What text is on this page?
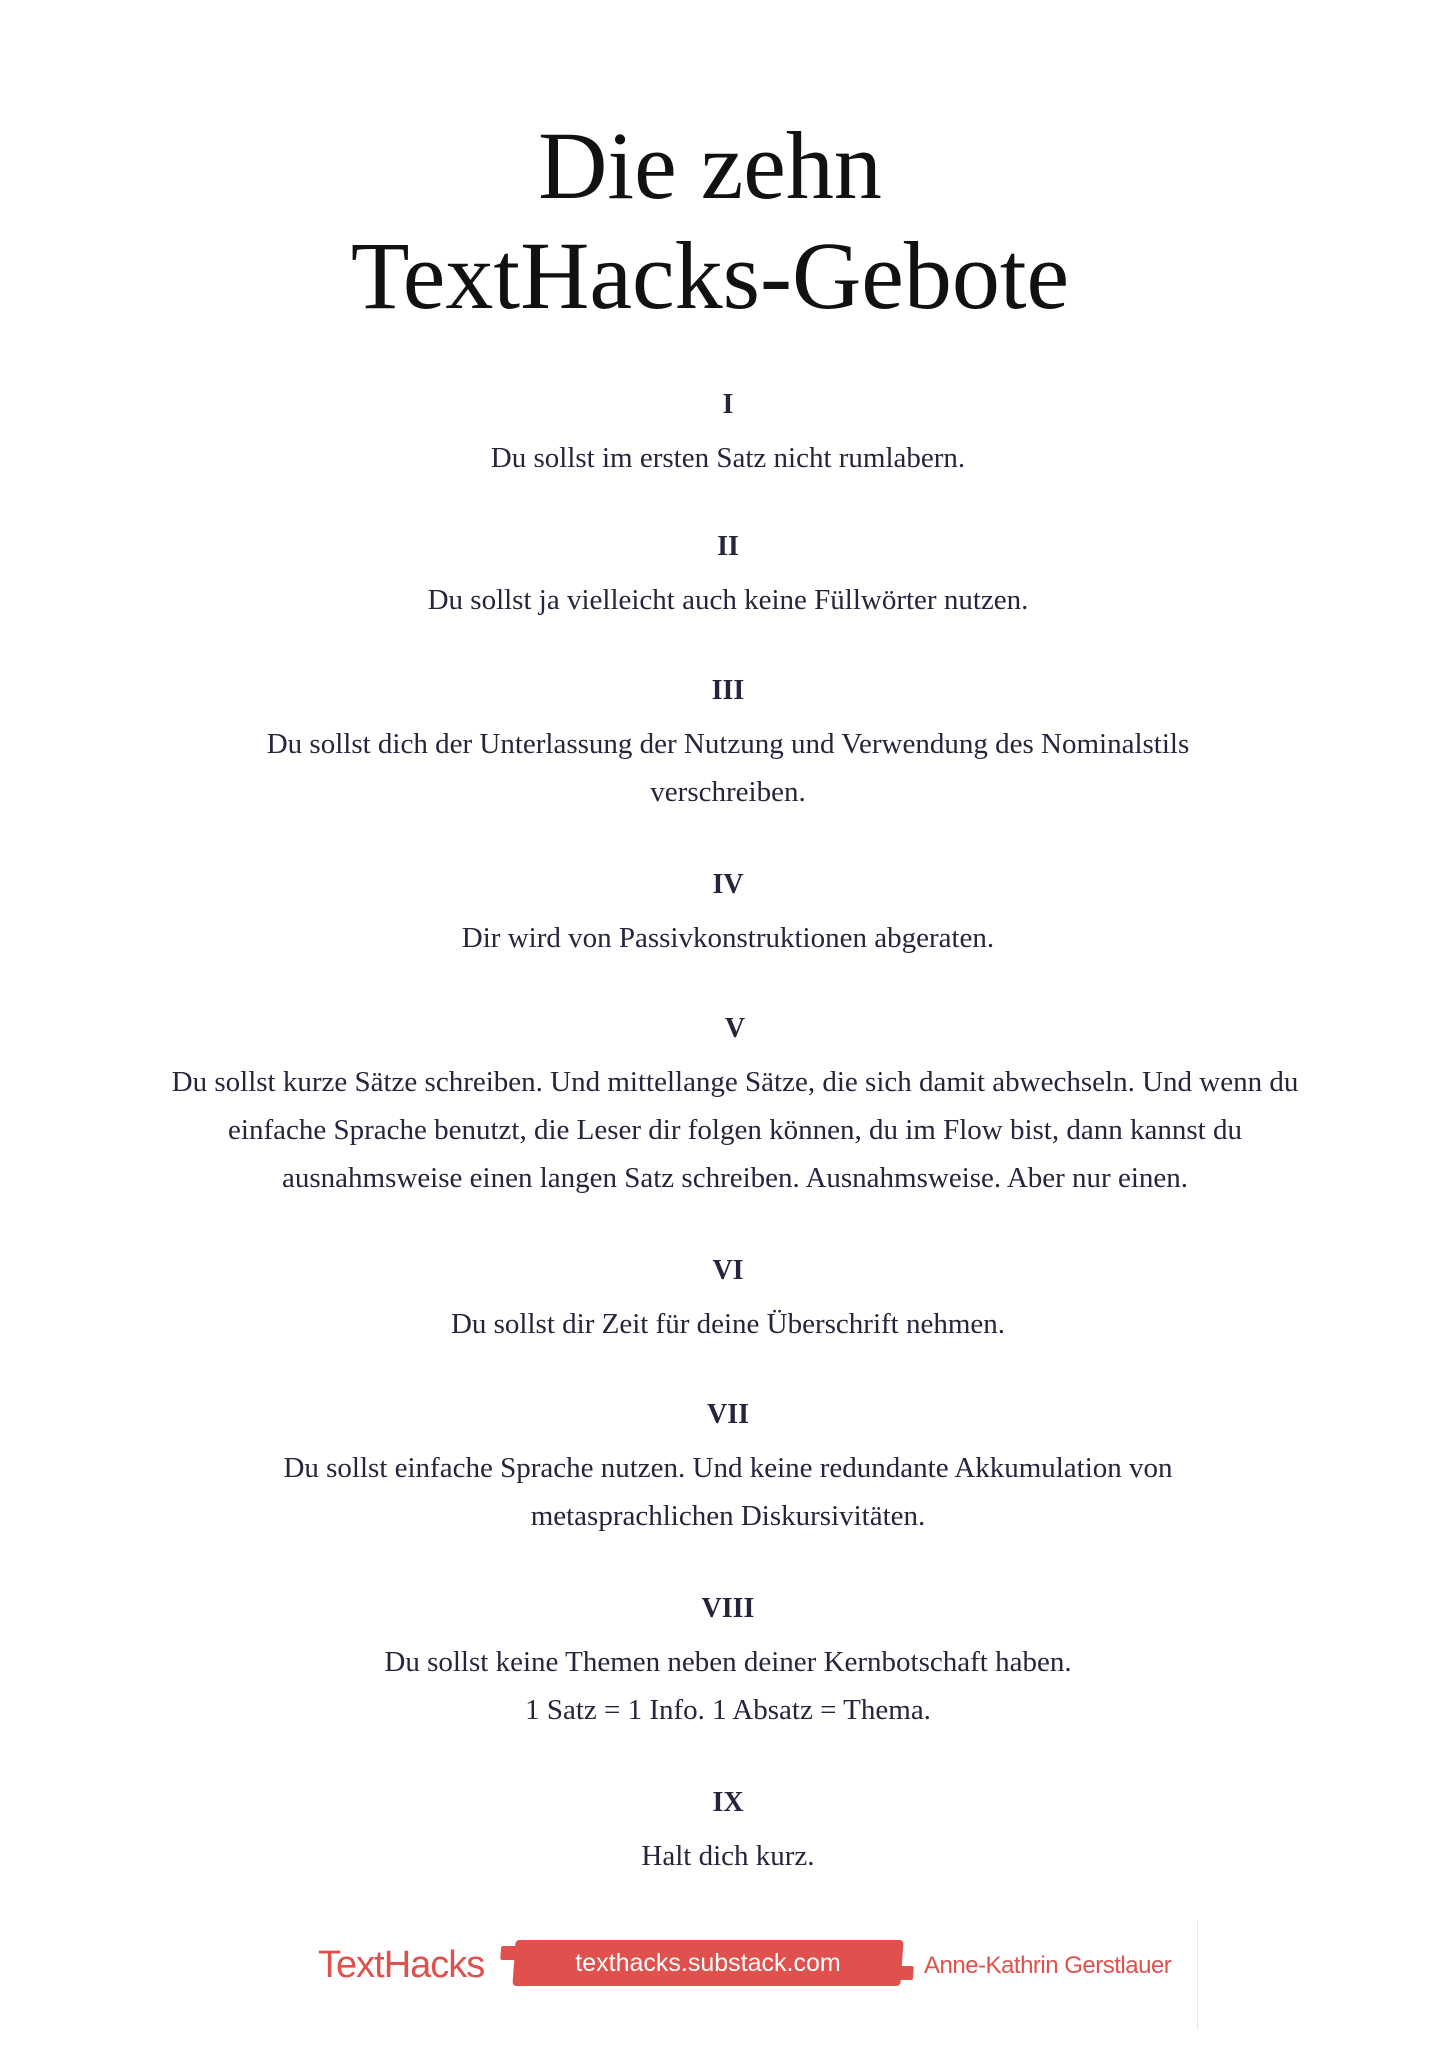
Die zehn
TextHacks-Gebote
I
Du sollst im ersten Satz nicht rumlabern.
II
Du sollst ja vielleicht auch keine Füllwörter nutzen.
III
Du sollst dich der Unterlassung der Nutzung und Verwendung des Nominalstils verschreiben.
IV
Dir wird von Passivkonstruktionen abgeraten.
V
Du sollst kurze Sätze schreiben. Und mittellange Sätze, die sich damit abwechseln. Und wenn du einfache Sprache benutzt, die Leser dir folgen können, du im Flow bist, dann kannst du ausnahmsweise einen langen Satz schreiben. Ausnahmsweise. Aber nur einen.
VI
Du sollst dir Zeit für deine Überschrift nehmen.
VII
Du sollst einfache Sprache nutzen. Und keine redundante Akkumulation von metasprachlichen Diskursivitäten.
VIII
Du sollst keine Themen neben deiner Kernbotschaft haben.
1 Satz = 1 Info. 1 Absatz = Thema.
IX
Halt dich kurz.
TextHacks	texthacks.substack.com	Anne-Kathrin Gerstlauer
